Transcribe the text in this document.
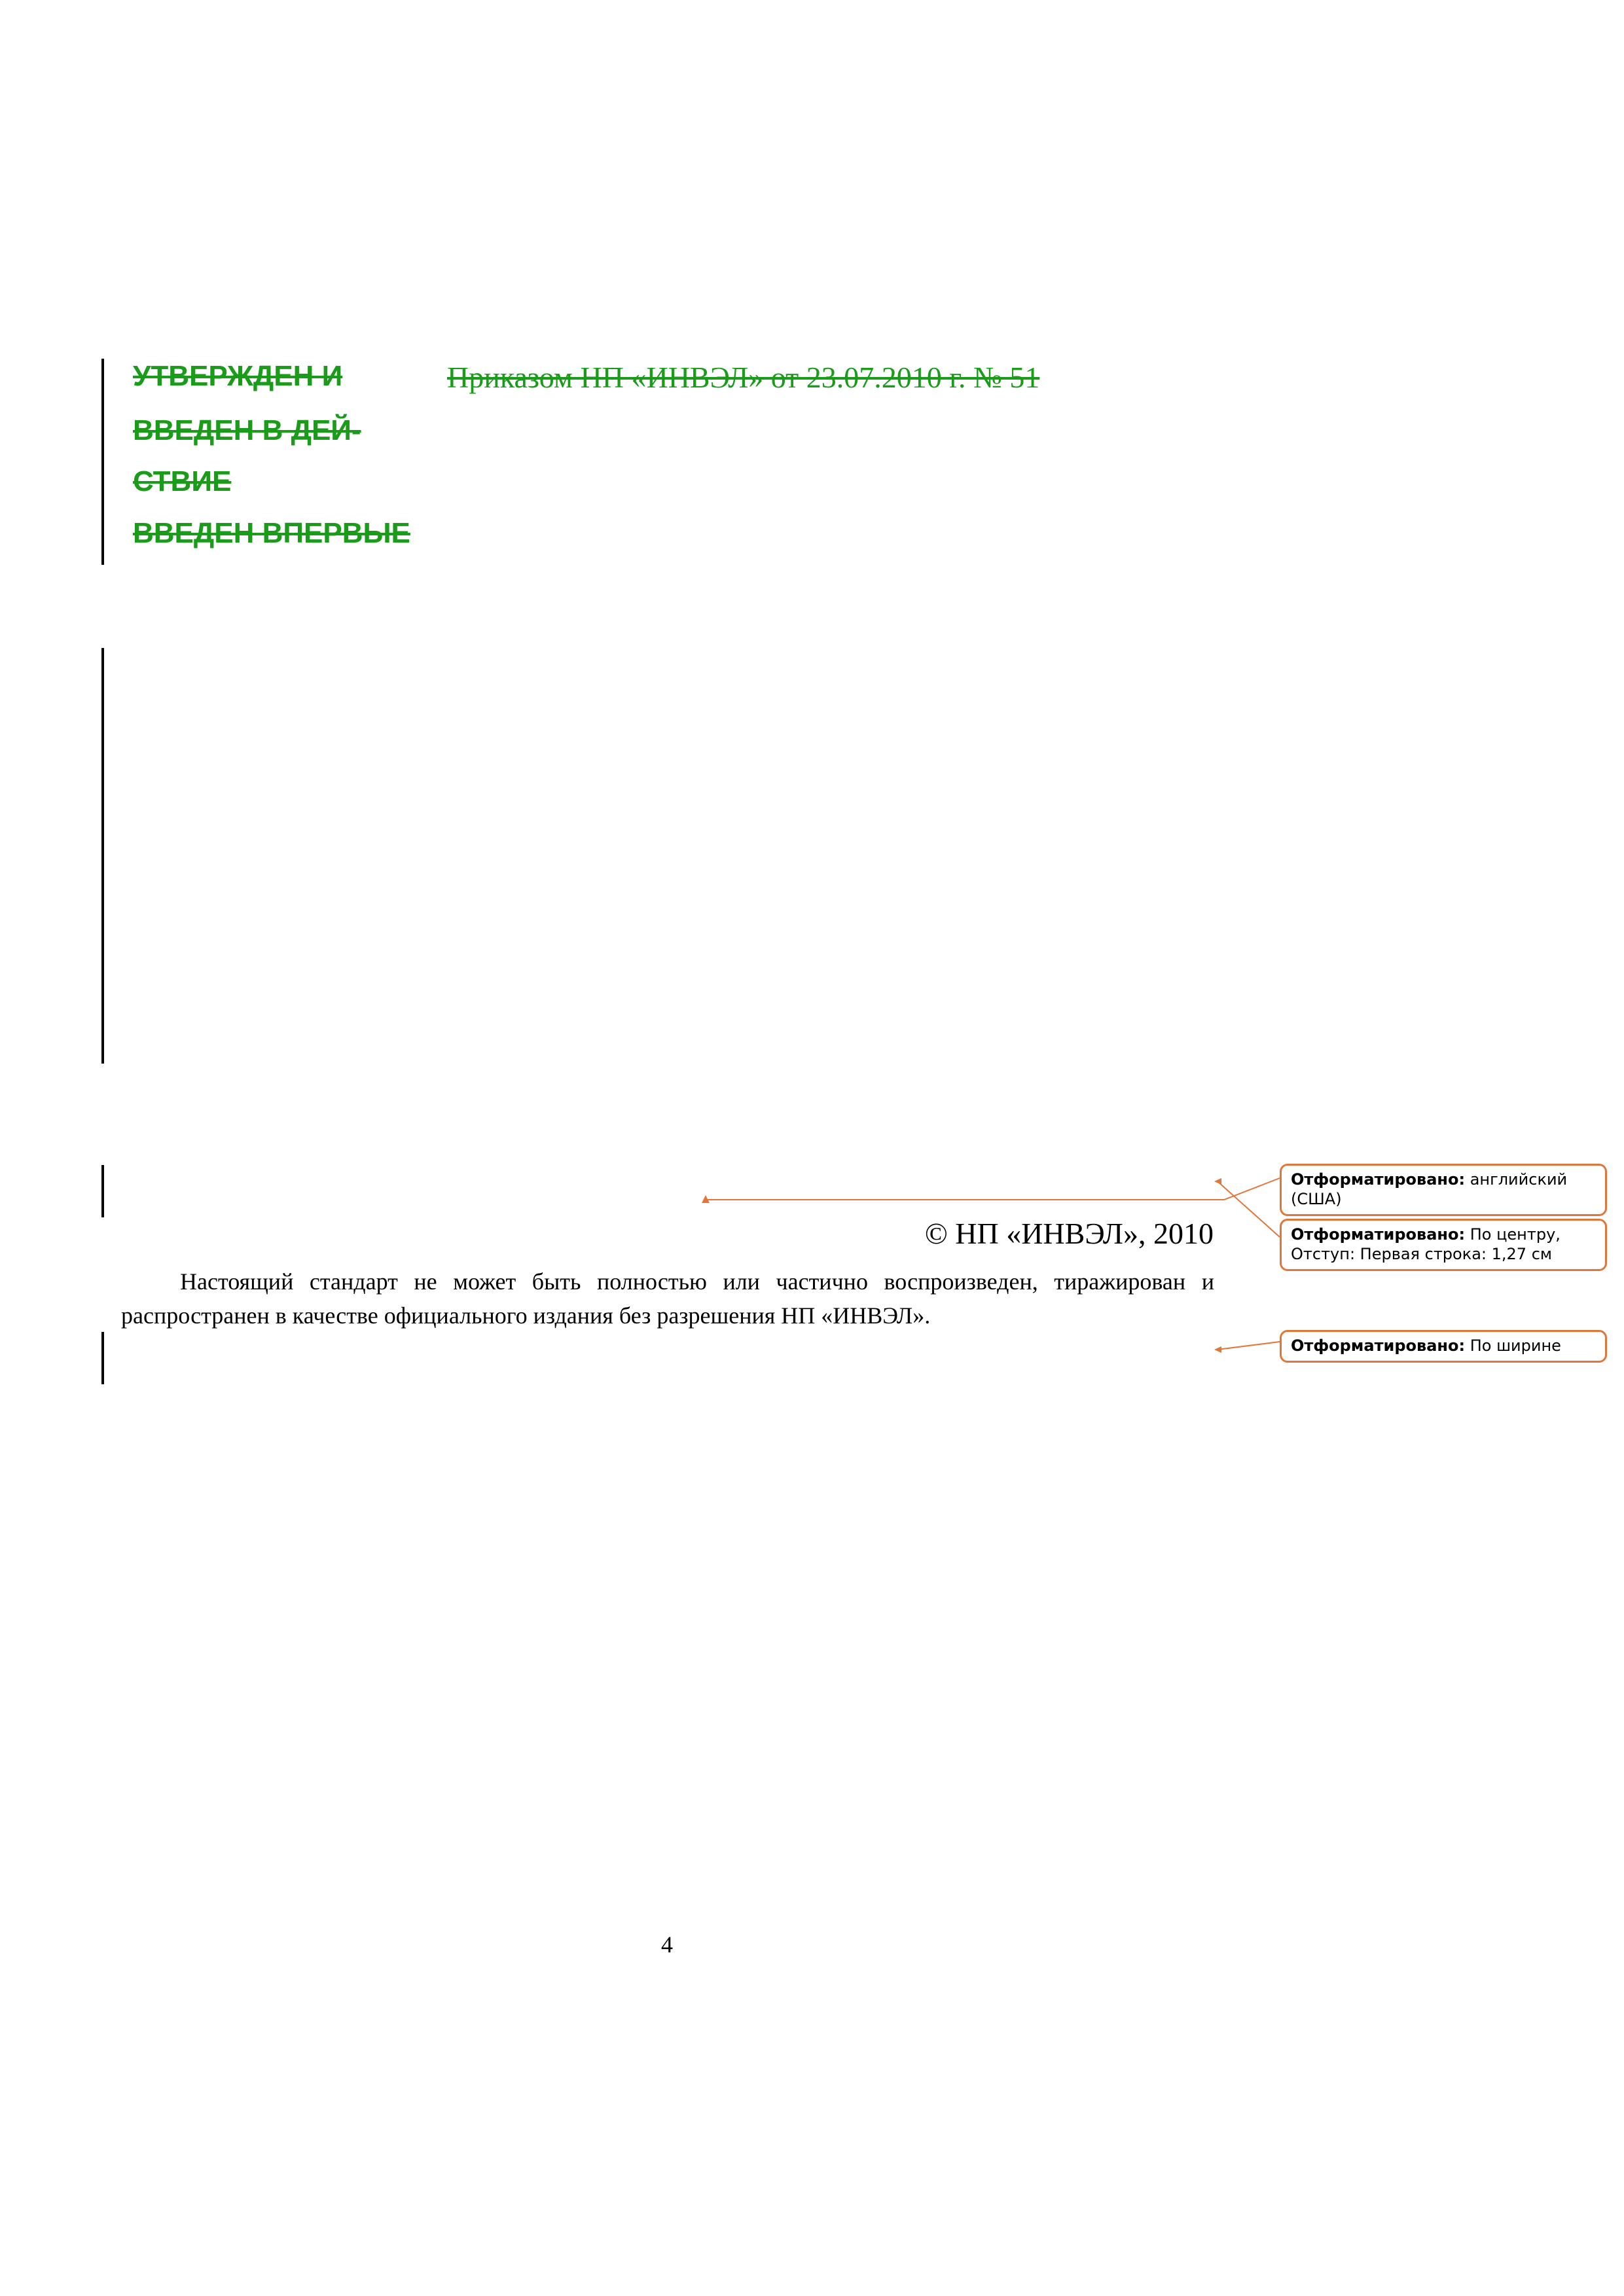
УТВЕРЖДЕН И	Приказом НП «ИНВЭЛ» от 23.07.2010 г. № 51
ВВЕДЕН В ДЕЙ-
СТВИЕ
ВВЕДЕН ВПЕРВЫЕ
© НП «ИНВЭЛ», 2010
Настоящий стандарт не может быть полностью или частично воспроизведен, тиражирован и распространен в качестве официального издания без разрешения НП «ИНВЭЛ».
4
Отформатировано: английский (США)
Отформатировано: По центру, Отступ: Первая строка: 1,27 см
Отформатировано: По ширине
